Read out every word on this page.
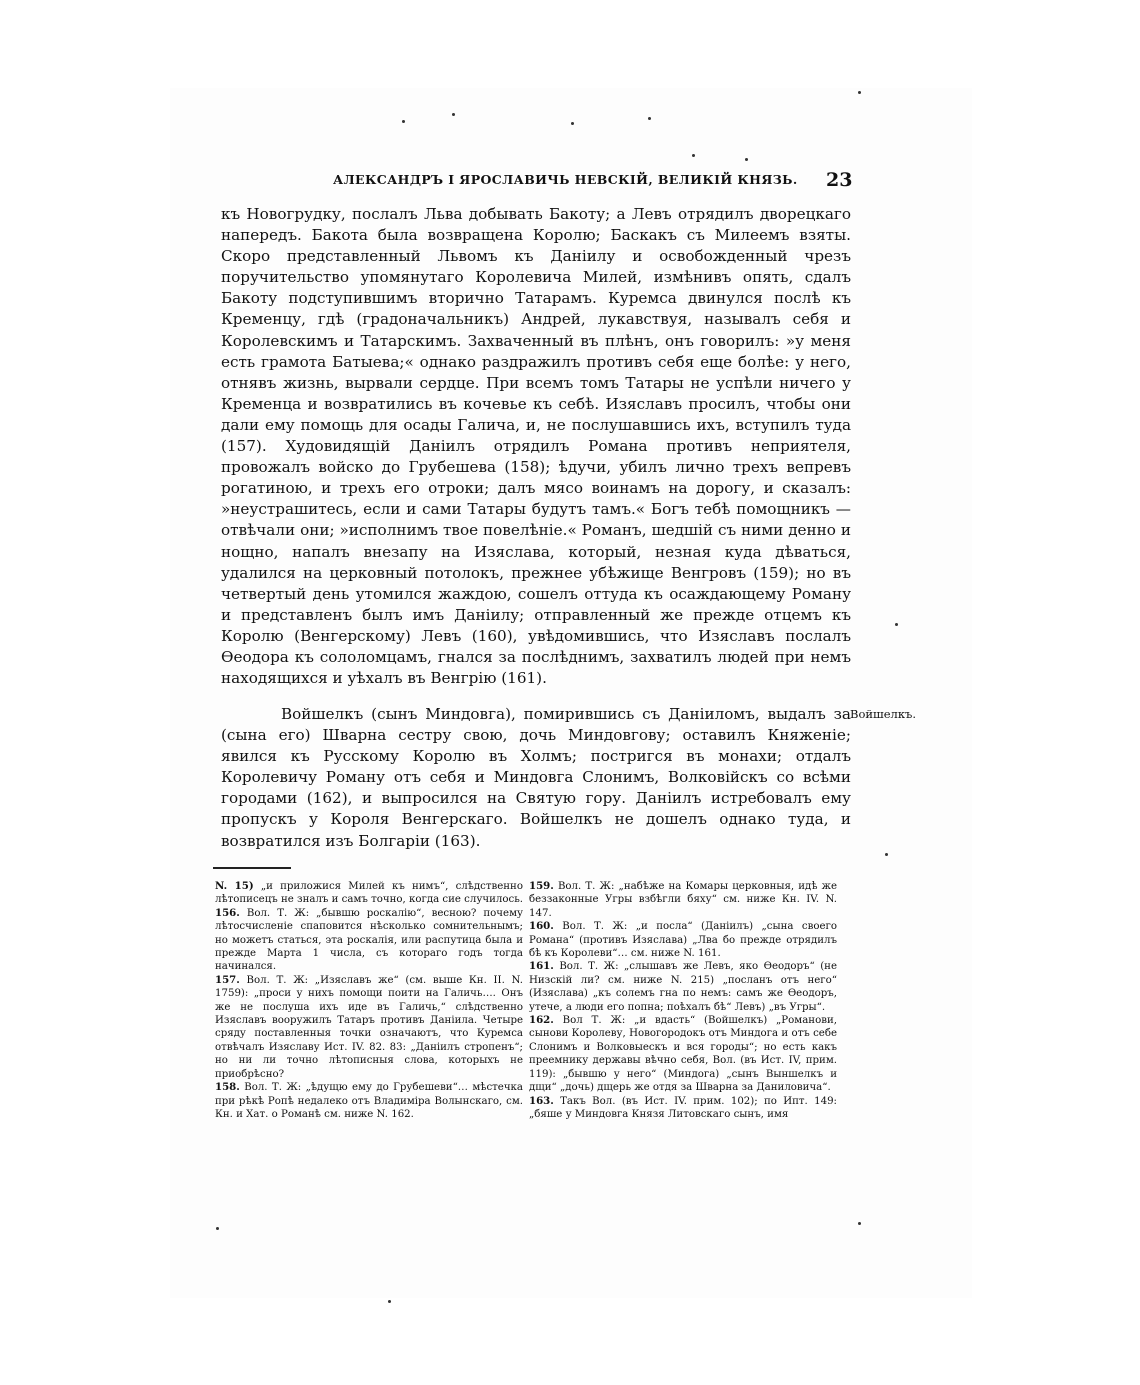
АЛЕКСАНДРЪ I ЯРОСЛАВИЧЬ НЕВСКІЙ, ВЕЛИКІЙ КНЯЗЬ. 23
къ Новогрудку, послалъ Льва добывать Бакоту; а Левъ отрядилъ дворецкаго напередъ. Бакота была возвращена Королю; Баскакъ съ Милеемъ взяты. Скоро представленный Львомъ къ Даніилу и освобожденный чрезъ поручительство упомянутаго Королевича Милей, измѣнивъ опять, сдалъ Бакоту подступившимъ вторично Татарамъ. Куремса двинулся послѣ къ Кременцу, гдѣ (градоначальникъ) Андрей, лукавствуя, называлъ себя и Королевскимъ и Татарскимъ. Захваченный въ плѣнъ, онъ говорилъ: »у меня есть грамота Батыева;« однако раздражилъ противъ себя еще болѣе: у него, отнявъ жизнь, вырвали сердце. При всемъ томъ Татары не успѣли ничего у Кременца и возвратились въ кочевье къ себѣ. Изяславъ просилъ, чтобы они дали ему помощь для осады Галича, и, не послушавшись ихъ, вступилъ туда (157). Худовидящій Даніилъ отрядилъ Романа противъ неприятеля, провожалъ войско до Грубешева (158); ѣдучи, убилъ лично трехъ вепревъ рогатиною, и трехъ его отроки; далъ мясо воинамъ на дорогу, и сказалъ: »неустрашитесь, если и сами Татары будутъ тамъ.« Богъ тебѣ помощникъ — отвѣчали они; »исполнимъ твое повелѣніе.« Романъ, шедшій съ ними денно и нощно, напалъ внезапу на Изяслава, который, незная куда дѣваться, удалился на церковный потолокъ, прежнее убѣжище Венгровъ (159); но въ четвертый день утомился жаждою, сошелъ оттуда къ осаждающему Роману и представленъ былъ имъ Даніилу; отправленный же прежде отцемъ къ Королю (Венгерскому) Левъ (160), увѣдомившись, что Изяславъ послалъ Ѳеодора къ сололомцамъ, гнался за послѣднимъ, захватилъ людей при немъ находящихся и уѣхалъ въ Венгрію (161).
Войшелкъ (сынъ Миндовга), помирившись съ Даніиломъ, выдалъ за (сына его) Шварна сестру свою, дочь Миндовгову; оставилъ Княженіе; явился къ Русскому Королю въ Холмъ; постригся въ монахи; отдалъ Королевичу Роману отъ себя и Миндовга Слонимъ, Волковійскъ со всѣми городами (162), и выпросился на Святую гору. Даніилъ истребовалъ ему пропускъ у Короля Венгерскаго. Войшелкъ не дошелъ однако туда, и возвратился изъ Болгаріи (163).
Войшелкъ.

N. 15) „и приложися Милей къ нимъ“, слѣдственно лѣтописецъ не зналъ и самъ точно, когда сие случилось.

156. Вол. Т. Ж: „бывшю роскалію“, весною? почему лѣтосчисленіе спаповится нѣсколько сомнительнымъ; но можетъ статься, эта роскалія, или распутица была и прежде Марта 1 числа, съ котораго годъ тогда начинался.

157. Вол. Т. Ж: „Изяславъ же“ (см. выше Кн. II. N. 1759): „проси у нихъ помощи поити на Галичь…. Онъ же не послуша ихъ иде въ Галичь,“ слѣдственно Изяславъ вооружилъ Татаръ противъ Даніила. Четыре сряду поставленныя точки означаютъ, что Куремса отвѣчалъ Изяславу Ист. IV. 82. 83: „Даніилъ стропенъ“; но ни ли точно лѣтописныя слова, которыхъ не приобрѣсно?

158. Вол. Т. Ж: „ѣдущю ему до Грубешеви“… мѣстечка при рѣкѣ Ропѣ недалеко отъ Владиміра Волынскаго, см. Кн. и Хат. о Романѣ см. ниже N. 162.

159. Вол. Т. Ж: „набѣже на Комары церковныя, идѣ же беззаконные Угры взбѣгли бяху“ см. ниже Кн. IV. N. 147.

160. Вол. Т. Ж: „и посла“ (Даніилъ) „сына своего Романа“ (противъ Изяслава) „Лва бо прежде отрядилъ бѣ къ Королеви“… см. ниже N. 161.

161. Вол. Т. Ж: „слышавъ же Левъ, яко Ѳеодоръ“ (не Низскій ли? см. ниже N. 215) „посланъ отъ него“ (Изяслава) „къ солемъ гна по немъ: самъ же Ѳеодоръ, утече, а люди его попна; поѣхалъ бѣ“ Левъ) „въ Угры“.

162. Вол Т. Ж: „и вдасть“ (Войшелкъ) „Романови, сынови Королеву, Новогородокъ отъ Миндога и отъ себе Слонимъ и Волковыескъ и вся городы“; но есть какъ преемнику державы вѣчно себя, Вол. (въ Ист. IV, прим. 119): „бывшю у него“ (Миндога) „сынъ Выншелкъ и дщи“ „дочь) дщерь же отдя за Шварна за Даниловича“.

163. Такъ Вол. (въ Ист. IV. прим. 102); по Ипт. 149: „бяше у Миндовга Князя Литовскаго сынъ, имя
